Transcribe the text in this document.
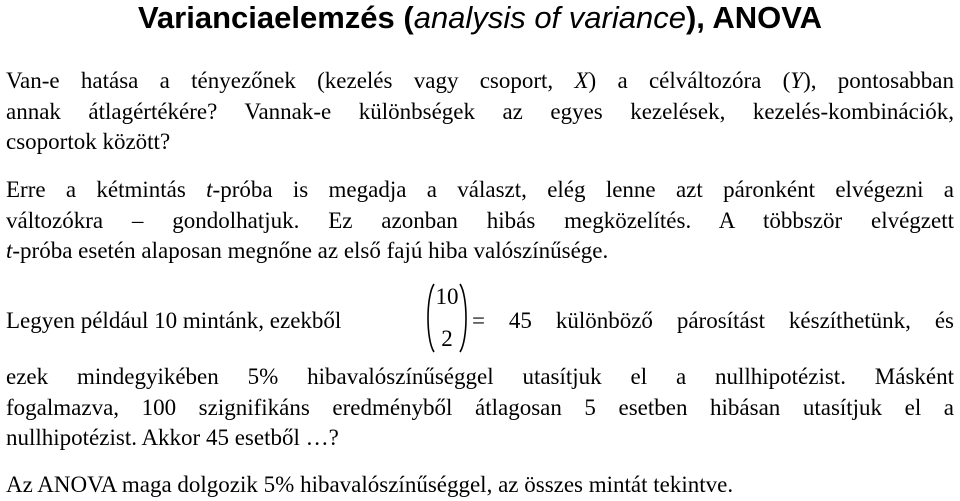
Varianciaelemzés (analysis of variance), ANOVA
Van-e hatása a tényezőnek (kezelés vagy csoport, X) a célváltozóra (Y), pontosabban
annak átlagértékére? Vannak-e különbségek az egyes kezelések, kezelés-kombinációk,
csoportok között?
Erre a kétmintás t-próba is megadja a választ, elég lenne azt páronként elvégezni a
változókra – gondolhatjuk. Ez azonban hibás megközelítés. A többször elvégzett
t-próba esetén alaposan megnőne az első fajú hiba valószínűsége.
Legyen például 10 mintánk, ezekből
10
2
= 45 különböző párosítást készíthetünk, és
ezek mindegyikében 5% hibavalószínűséggel utasítjuk el a nullhipotézist. Másként
fogalmazva, 100 szignifikáns eredményből átlagosan 5 esetben hibásan utasítjuk el a
nullhipotézist. Akkor 45 esetből …?
Az ANOVA maga dolgozik 5% hibavalószínűséggel, az összes mintát tekintve.
